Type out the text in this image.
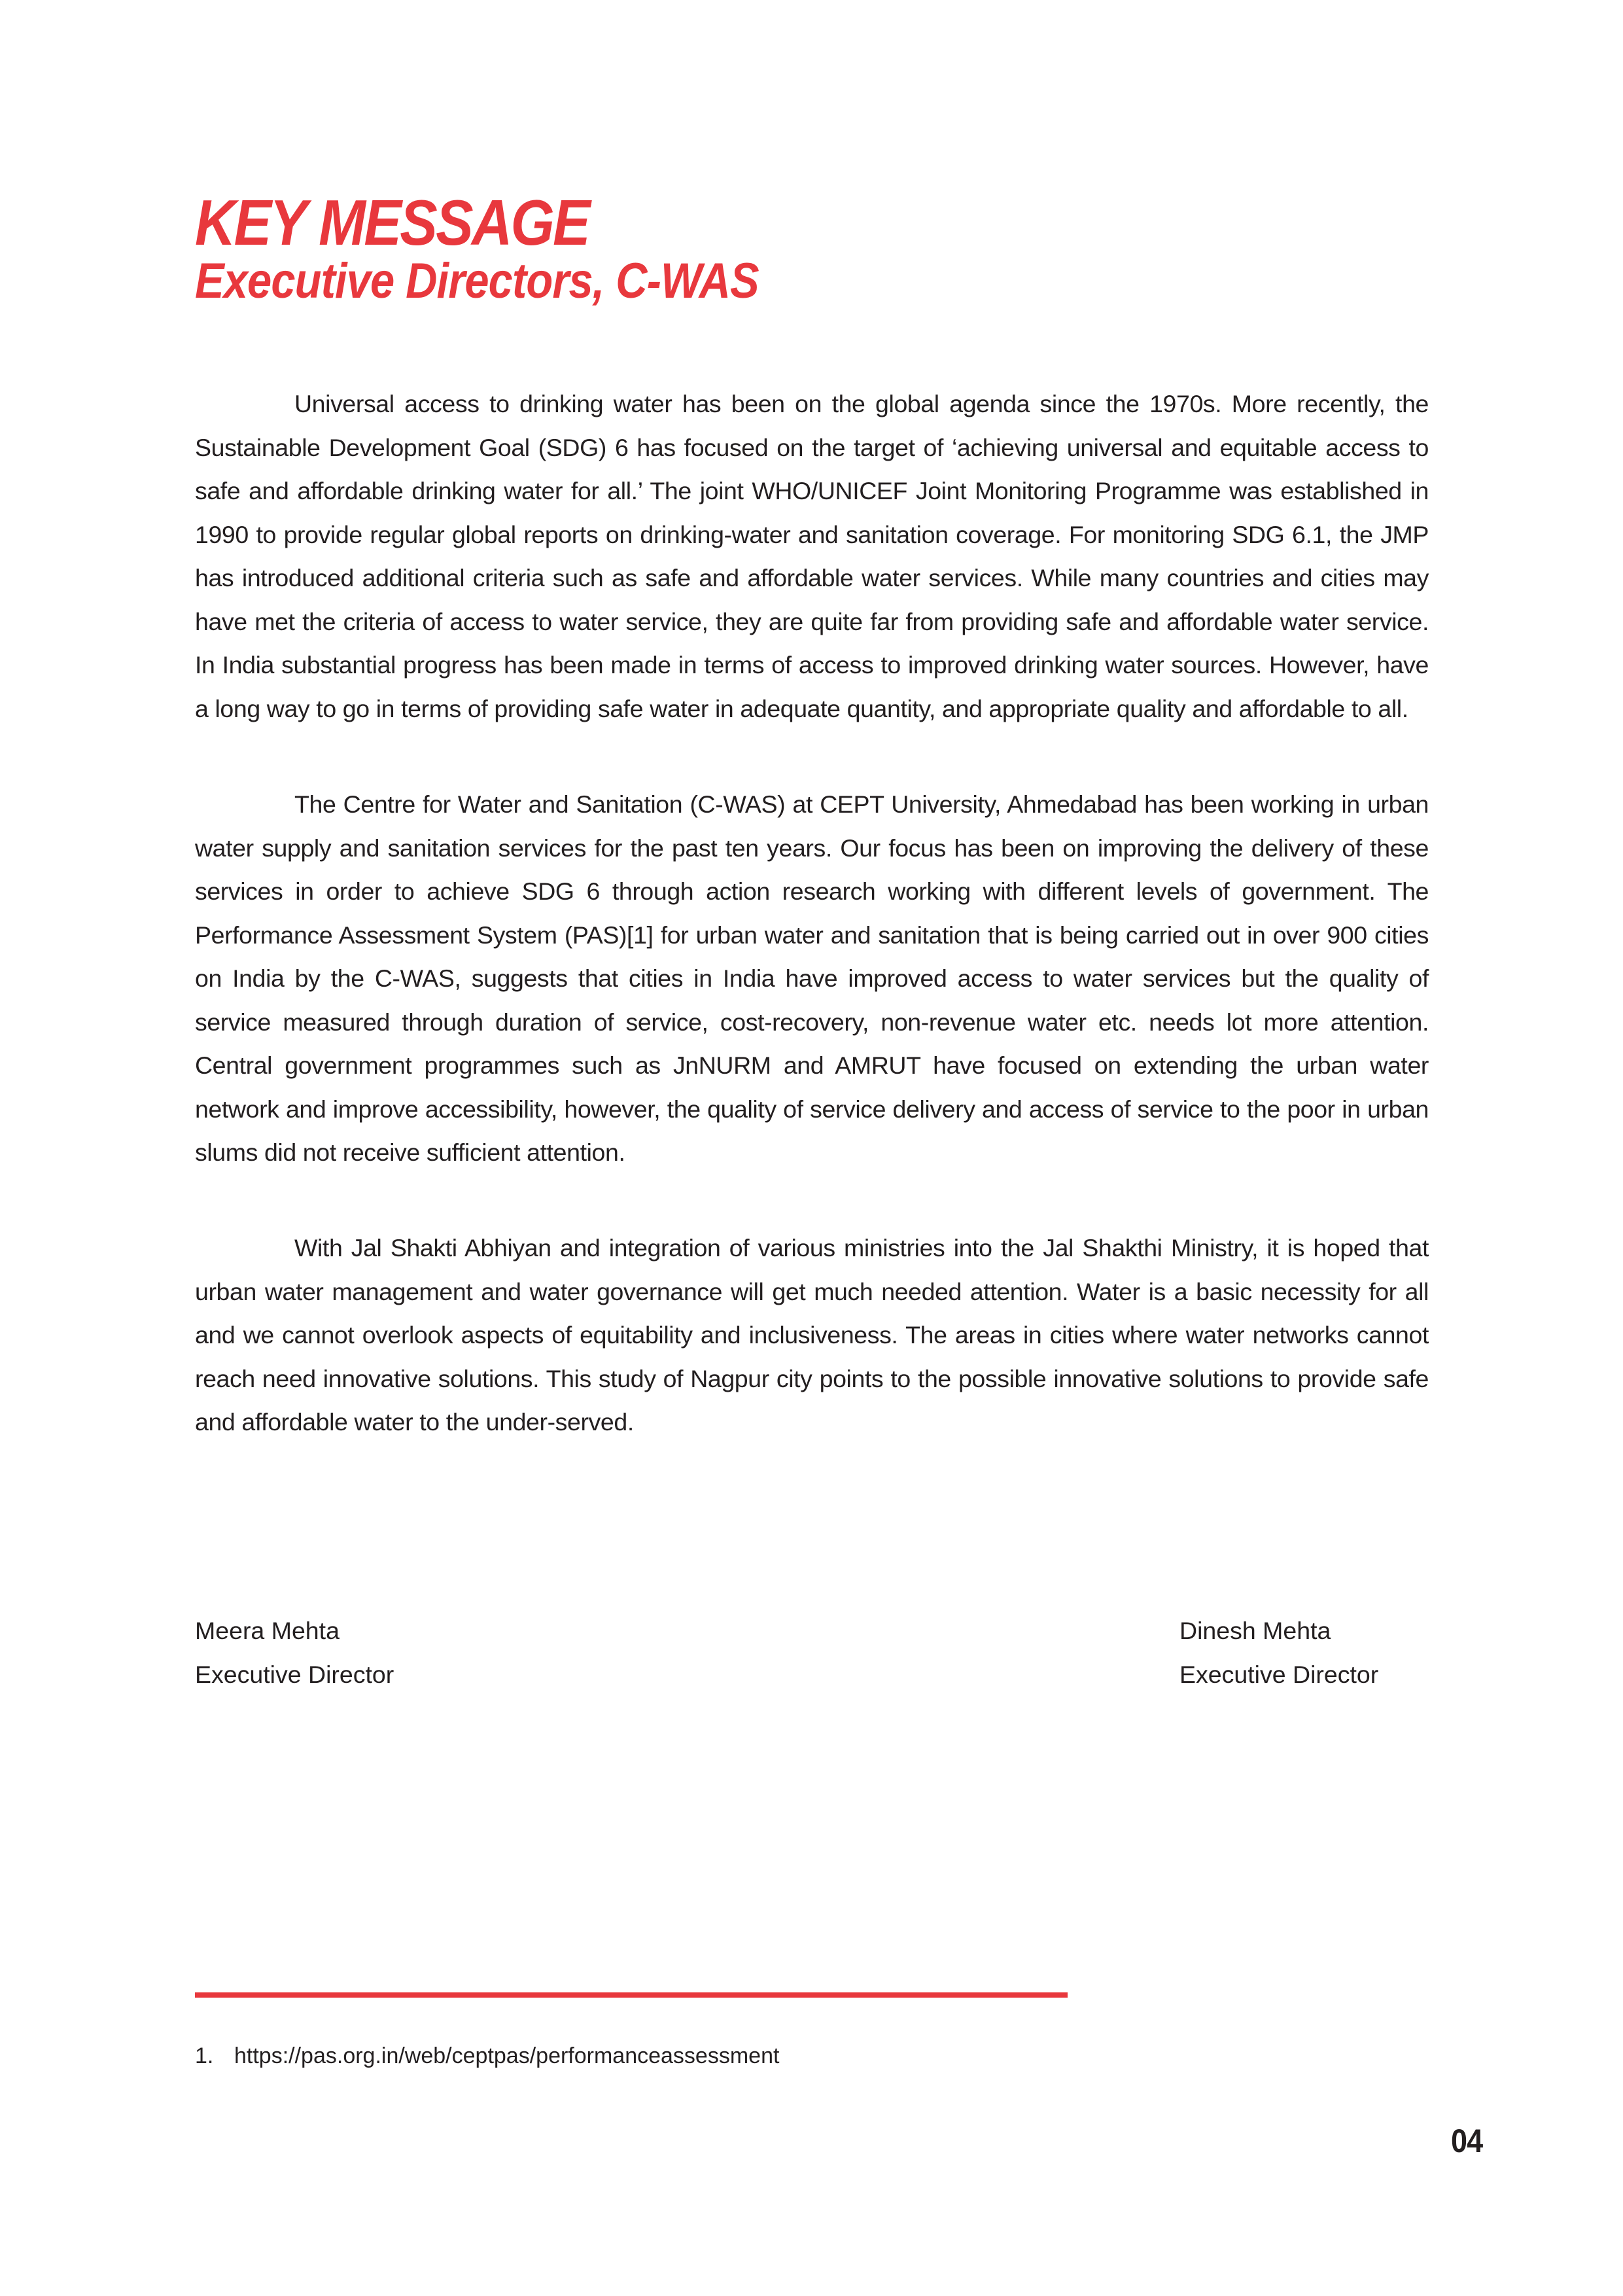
KEY MESSAGE
Executive Directors, C-WAS

Universal access to drinking water has been on the global agenda since the 1970s. More recently, the Sustainable Development Goal (SDG) 6 has focused on the target of ‘achieving universal and equitable access to safe and affordable drinking water for all.’ The joint WHO/UNICEF Joint Monitoring Programme was established in 1990 to provide regular global reports on drinking-water and sanitation coverage. For monitoring SDG 6.1, the JMP has introduced additional criteria such as safe and affordable water services. While many countries and cities may have met the criteria of access to water service, they are quite far from providing safe and affordable water service. In India substantial progress has been made in terms of access to improved drinking water sources. However, have a long way to go in terms of providing safe water in adequate quantity, and appropriate quality and affordable to all.

The Centre for Water and Sanitation (C-WAS) at CEPT University, Ahmedabad has been working in urban water supply and sanitation services for the past ten years. Our focus has been on improving the delivery of these services in order to achieve SDG 6 through action research working with different levels of government. The Performance Assessment System (PAS)[1] for urban water and sanitation that is being carried out in over 900 cities on India by the C-WAS, suggests that cities in India have improved access to water services but the quality of service measured through duration of service, cost-recovery, non-revenue water etc. needs lot more attention. Central government programmes such as JnNURM and AMRUT have focused on extending the urban water network and improve accessibility, however, the quality of service delivery and access of service to the poor in urban slums did not receive sufficient attention.

With Jal Shakti Abhiyan and integration of various ministries into the Jal Shakthi Ministry, it is hoped that urban water management and water governance will get much needed attention. Water is a basic necessity for all and we cannot overlook aspects of equitability and inclusiveness. The areas in cities where water networks cannot reach need innovative solutions. This study of Nagpur city points to the possible innovative solutions to provide safe and affordable water to the under-served.

Meera Mehta
Executive Director
Dinesh Mehta
Executive Director
1. https://pas.org.in/web/ceptpas/performanceassessment
04
